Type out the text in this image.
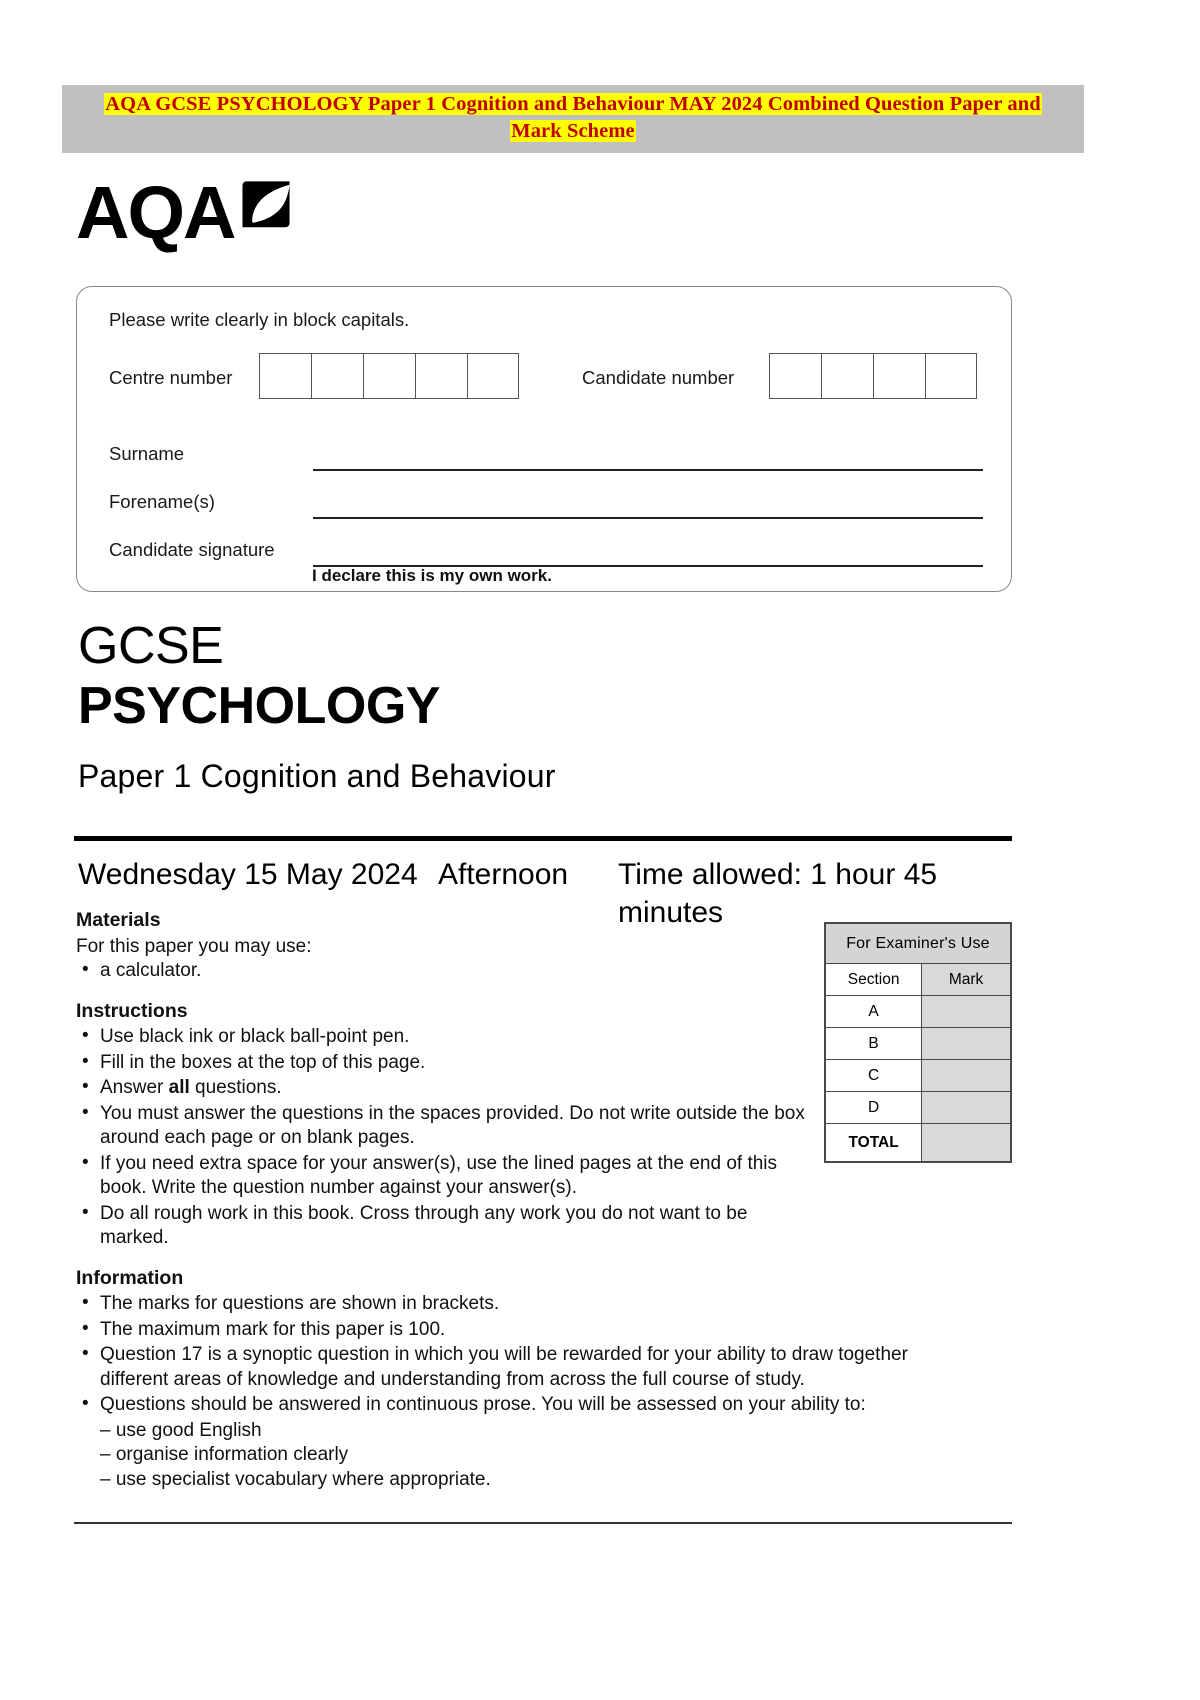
AQA GCSE PSYCHOLOGY Paper 1 Cognition and Behaviour MAY 2024 Combined Question Paper and
Mark Scheme
AQA
Please write clearly in block capitals.
Centre number	Candidate number
Surname
Forename(s)
Candidate signature
I declare this is my own work.
GCSE
PSYCHOLOGY
Paper 1 Cognition and Behaviour
Wednesday 15 May 2024 Afternoon	Time allowed: 1 hour 45 minutes
Materials

For this paper you may use:

• a calculator.
Instructions
• Use black ink or black ball-point pen.
• Fill in the boxes at the top of this page.
• Answer all questions.
• You must answer the questions in the spaces provided. Do not write outside the box around each page or on blank pages.
• If you need extra space for your answer(s), use the lined pages at the end of this book. Write the question number against your answer(s).
• Do all rough work in this book. Cross through any work you do not want to be marked.
Information
• The marks for questions are shown in brackets.
• The maximum mark for this paper is 100.
• Question 17 is a synoptic question in which you will be rewarded for your ability to draw together different areas of knowledge and understanding from across the full course of study.
• Questions should be answered in continuous prose. You will be assessed on your ability to:

– use good English

– organise information clearly

– use specialist vocabulary where appropriate.

For Examiner's Use	
Section	Mark
A	
B	
C	
D	
TOTAL	
